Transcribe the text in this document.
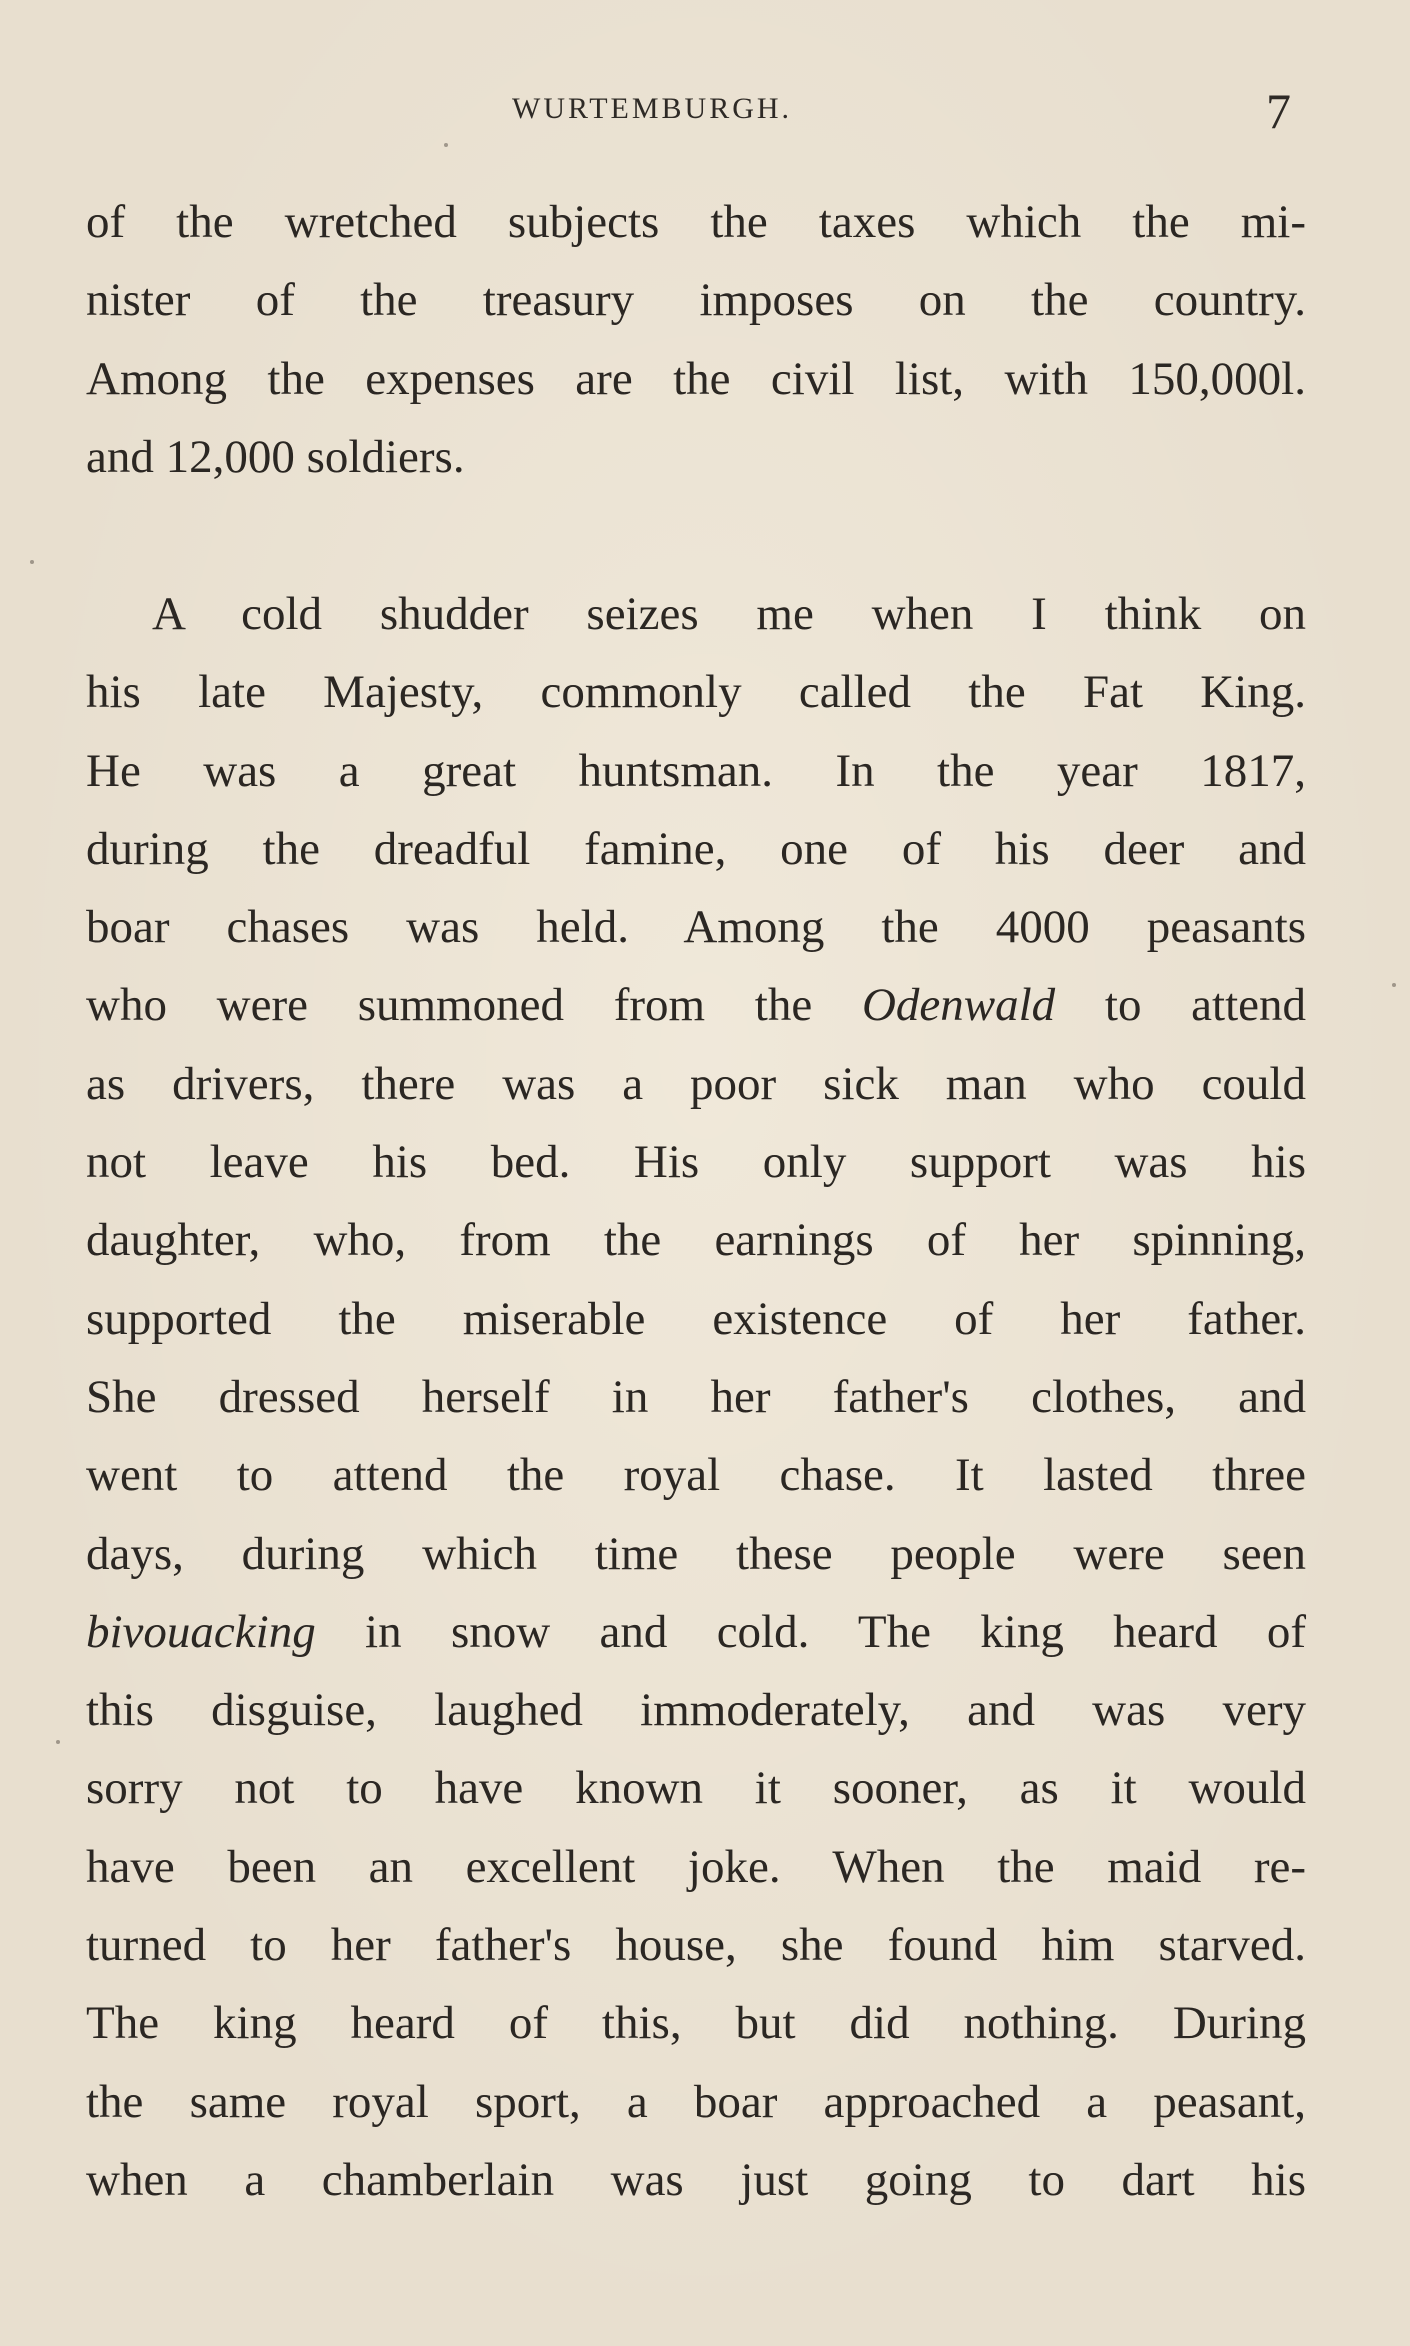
WURTEMBURGH.	7
of the wretched subjects the taxes which the mi-
nister of the treasury imposes on the country.
Among the expenses are the civil list, with 150,000l.
and 12,000 soldiers.
A cold shudder seizes me when I think on
his late Majesty, commonly called the Fat King.
He was a great huntsman. In the year 1817,
during the dreadful famine, one of his deer and
boar chases was held. Among the 4000 peasants
who were summoned from the Odenwald to attend
as drivers, there was a poor sick man who could
not leave his bed. His only support was his
daughter, who, from the earnings of her spinning,
supported the miserable existence of her father.
She dressed herself in her father's clothes, and
went to attend the royal chase. It lasted three
days, during which time these people were seen
bivouacking in snow and cold. The king heard of
this disguise, laughed immoderately, and was very
sorry not to have known it sooner, as it would
have been an excellent joke. When the maid re-
turned to her father's house, she found him starved.
The king heard of this, but did nothing. During
the same royal sport, a boar approached a peasant,
when a chamberlain was just going to dart his
